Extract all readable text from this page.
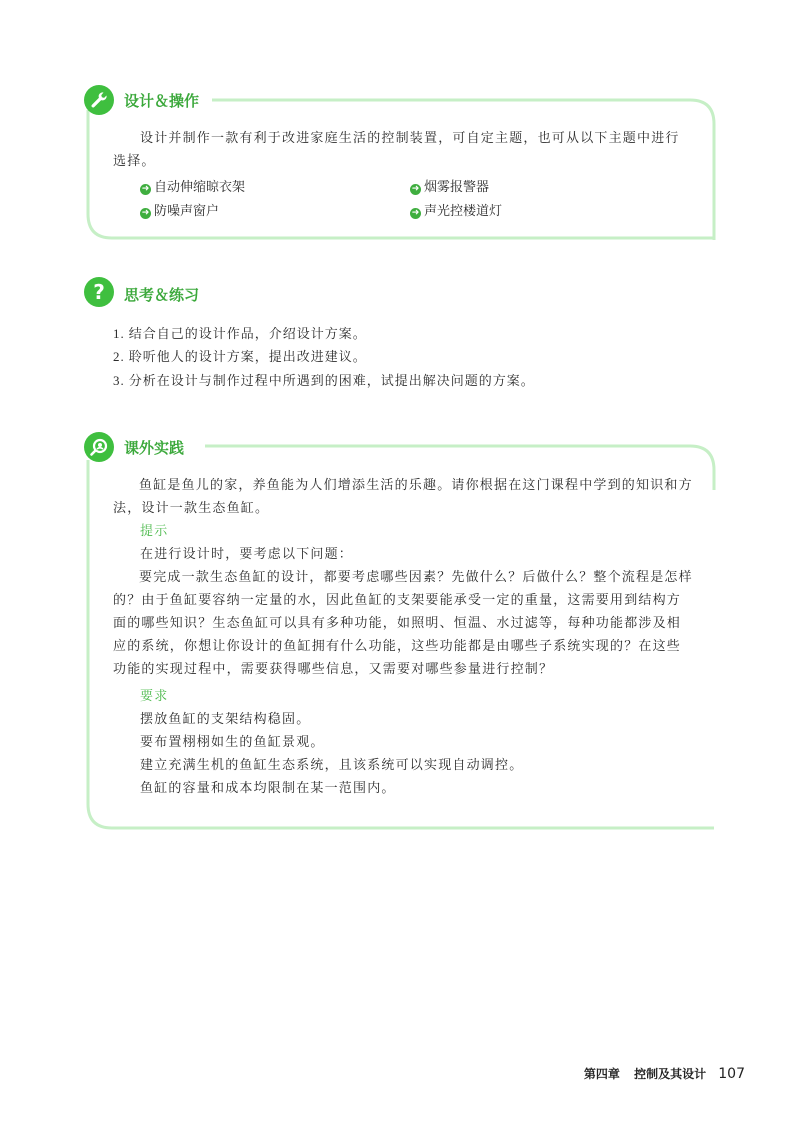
设计＆操作
设计并制作一款有利于改进家庭生活的控制装置，可自定主题，也可从以下主题中进行
选择。
➜ 自动伸缩晾衣架	➜ 烟雾报警器
➜ 防噪声窗户	➜ 声光控楼道灯
? 思考＆练习
1. 结合自己的设计作品，介绍设计方案。
2. 聆听他人的设计方案，提出改进建议。
3. 分析在设计与制作过程中所遇到的困难，试提出解决问题的方案。
课外实践
鱼缸是鱼儿的家，养鱼能为人们增添生活的乐趣。请你根据在这门课程中学到的知识和方法，设计一款生态鱼缸。
提示
在进行设计时，要考虑以下问题：
要完成一款生态鱼缸的设计，都要考虑哪些因素？先做什么？后做什么？整个流程是怎样的？由于鱼缸要容纳一定量的水，因此鱼缸的支架要能承受一定的重量，这需要用到结构方面的哪些知识？生态鱼缸可以具有多种功能，如照明、恒温、水过滤等，每种功能都涉及相应的系统，你想让你设计的鱼缸拥有什么功能，这些功能都是由哪些子系统实现的？在这些功能的实现过程中，需要获得哪些信息，又需要对哪些参量进行控制？
要求
摆放鱼缸的支架结构稳固。
要布置栩栩如生的鱼缸景观。
建立充满生机的鱼缸生态系统，且该系统可以实现自动调控。
鱼缸的容量和成本均限制在某一范围内。
第四章 控制及其设计 107
